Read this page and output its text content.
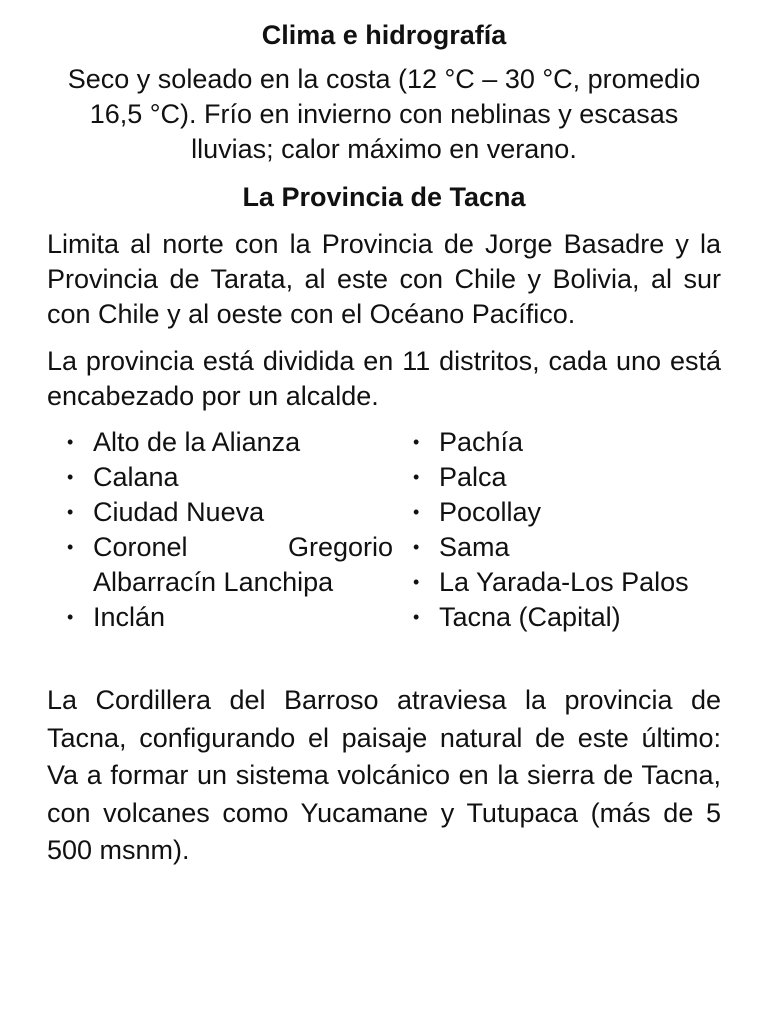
Clima e hidrografía

Seco y soleado en la costa (12 °C – 30 °C, promedio 16,5 °C). Frío en invierno con neblinas y escasas lluvias; calor máximo en verano.

La Provincia de Tacna

Limita al norte con la Provincia de Jorge Basadre y la Provincia de Tarata, al este con Chile y Bolivia, al sur con Chile y al oeste con el Océano Pacífico.

La provincia está dividida en 11 distritos, cada uno está encabezado por un alcalde.

• Alto de la Alianza
• Calana
• Ciudad Nueva
• Coronel Gregorio Albarracín Lanchipa
• Inclán
• Pachía
• Palca
• Pocollay
• Sama
• La Yarada-Los Palos
• Tacna (Capital)

La Cordillera del Barroso atraviesa la provincia de Tacna, configurando el paisaje natural de este último: Va a formar un sistema volcánico en la sierra de Tacna, con volcanes como Yucamane y Tutupaca (más de 5 500 msnm).
